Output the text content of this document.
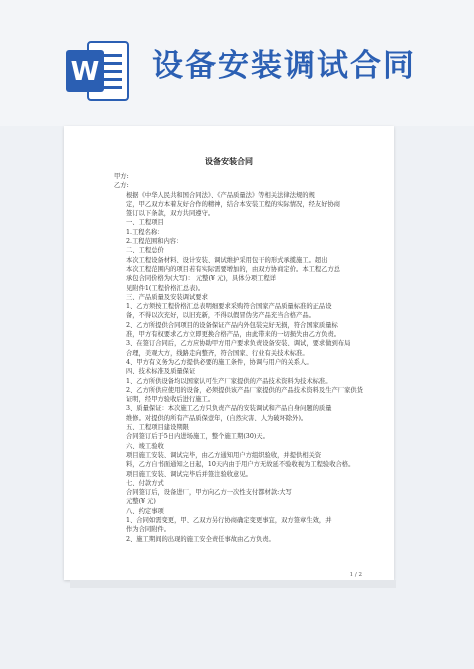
W 设备安装调试合同
设备安装合同
甲方:
乙方:
根据《中华人民共和国合同法》、《产品质量法》等相关法律法规的规
定，甲乙双方本着友好合作的精神，结合本安装工程的实际情况，经友好协商
签订以下条款，双方共同遵守。
一、工程项目
1.工程名称：
2.工程范围和内容：
二、工程总价
本次工程设备材料、设计安装、调试维护采用包干的形式承揽施工。超出
本次工程范围内的项目若有实际需要增加的，由双方协商定价。本工程乙方总
承包合同价格为(大写)： 元整(¥ 元)，具体分项工程详
见附件1(工程价格汇总表)。
三、产品质量及安装调试要求
1、乙方须按工程价格汇总表明细要求采购符合国家产品质量标准的正品设
备，不得以次充好，以旧充新，不得以假冒伪劣产品充当合格产品。
2、乙方所提供合同项目的设备保证产品内外包装完好无损，符合国家质量标
准，甲方有权要求乙方立即更换合格产品，由此带来的一切损失由乙方负责。
3、在签订合同后，乙方应协助甲方用户要求负责设备安装、调试，要求做到布局
合理，美观大方，线路走向整齐，符合国家、行业有关技术标准。
4、甲方有义务为乙方提供必要的施工条件，协调与用户的关系人。
四、技术标准及质量保证
1、乙方所供设备均以国家认可生产厂家提供的产品技术资料为技术标准。
2、乙方所供应使用的设备，必须提供该产品厂家提供的产品技术资料及生产厂家供货
证明，经甲方验收后进行施工。
3、质量保证：本次施工乙方只负责产品的安装调试和产品自身问题的质量
维修。对提供的所有产品质保壹年，(自然灾害、人为破坏除外)。
五、工程项目建设期限
合同签订后于5日内进场施工，整个施工期(30)天。
六、竣工验收
项目施工安装、调试完毕，由乙方通知用户方组织验收，并提供相关资
料，乙方自书面通知之日起，10天内由于用户方无故延不验收视为工程验收合格。
项目施工安装、调试完毕后并签注验收意见。
七、付款方式
合同签订后，设备进厂，甲方向乙方一次性支付都材款:大写
元整(¥ 元)
八、约定事项
1、合同如需变更，甲、乙双方另行协商确定变更事宜，双方签章生效，并
作为合同附件。
2、施工期间的出现的施工安全责任事故由乙方负责。
1 / 2
